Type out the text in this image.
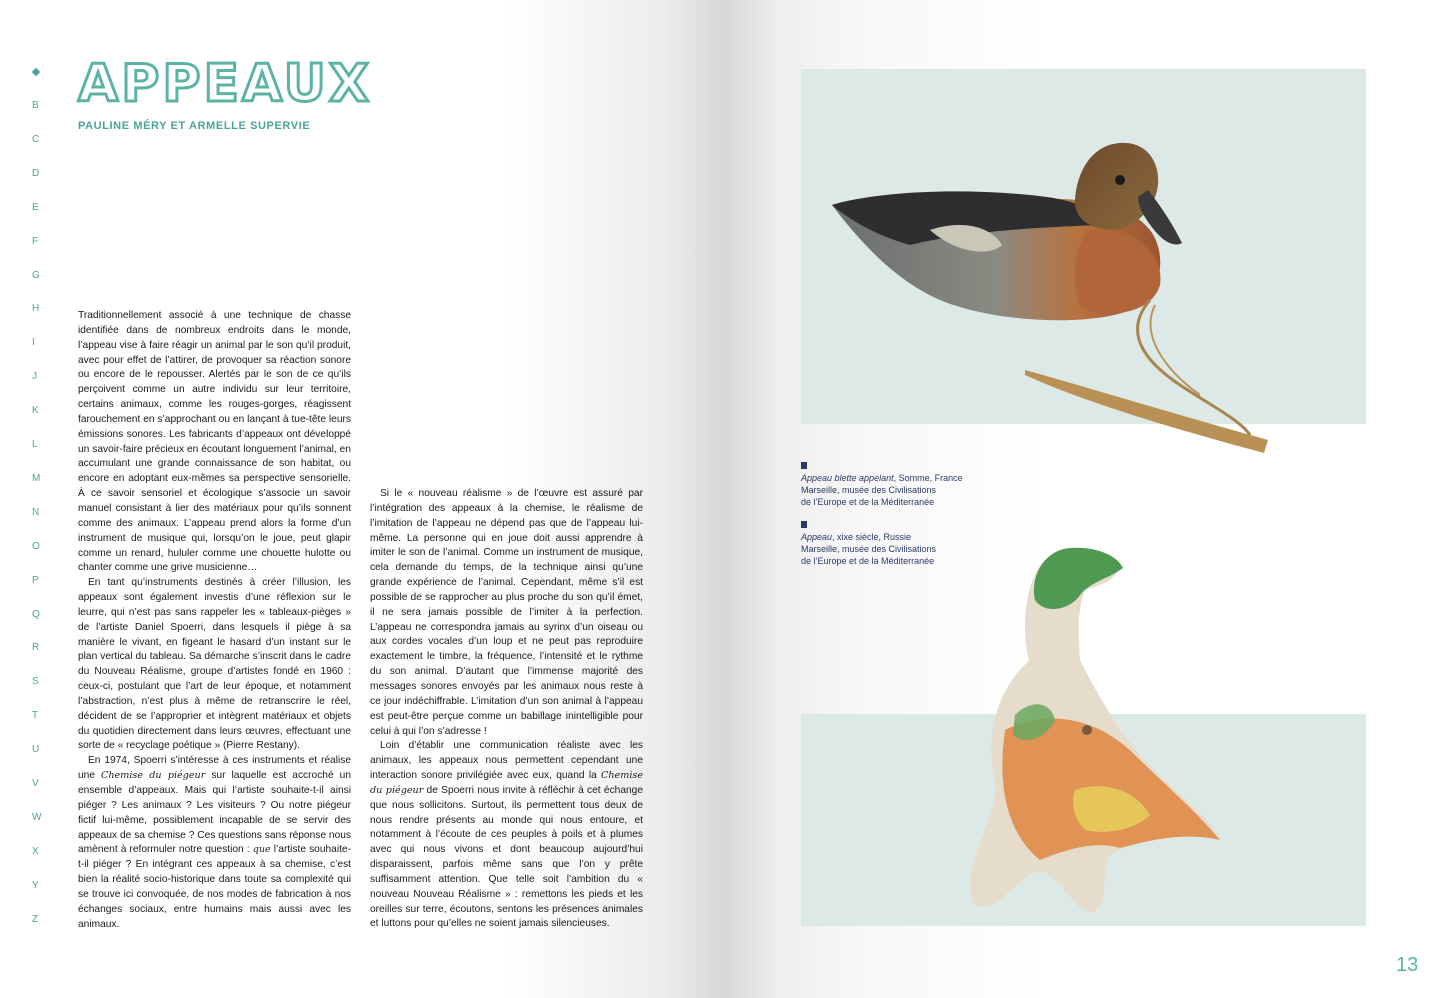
B
C
D
E
F
G
H
I
J
K
L
M
N
O
P
Q
R
S
T
U
V
W
X
Y
Z
APPEAUX
PAULINE MÉRY ET ARMELLE SUPERVIE

Traditionnellement associé à une technique de chasse identifiée dans de nombreux endroits dans le monde, l’appeau vise à faire réagir un animal par le son qu’il produit, avec pour effet de l’attirer, de provoquer sa réaction sonore ou encore de le repousser. Alertés par le son de ce qu’ils perçoivent comme un autre individu sur leur territoire, certains animaux, comme les rouges-gorges, réagissent farouchement en s’approchant ou en lançant à tue-tête leurs émissions sonores. Les fabricants d’appeaux ont développé un savoir-faire précieux en écoutant longuement l’animal, en accumulant une grande connaissance de son habitat, ou encore en adoptant eux-mêmes sa perspective sensorielle. À ce savoir sensoriel et écologique s’associe un savoir manuel consistant à lier des matériaux pour qu’ils sonnent comme des animaux. L’appeau prend alors la forme d’un instrument de musique qui, lorsqu’on le joue, peut glapir comme un renard, hululer comme une chouette hulotte ou chanter comme une grive musicienne…

En tant qu’instruments destinés à créer l’illusion, les appeaux sont également investis d’une réflexion sur le leurre, qui n’est pas sans rappeler les « tableaux-pièges » de l’artiste Daniel Spoerri, dans lesquels il piège à sa manière le vivant, en figeant le hasard d’un instant sur le plan vertical du tableau. Sa démarche s’inscrit dans le cadre du Nouveau Réalisme, groupe d’artistes fondé en 1960 : ceux-ci, postulant que l’art de leur époque, et notamment l’abstraction, n’est plus à même de retranscrire le réel, décident de se l’approprier et intègrent matériaux et objets du quotidien directement dans leurs œuvres, effectuant une sorte de « recyclage poétique » (Pierre Restany).

En 1974, Spoerri s’intéresse à ces instruments et réalise une Chemise du piégeur sur laquelle est accroché un ensemble d’appeaux. Mais qui l’artiste souhaite-t-il ainsi piéger ? Les animaux ? Les visiteurs ? Ou notre piégeur fictif lui-même, possiblement incapable de se servir des appeaux de sa chemise ? Ces questions sans réponse nous amènent à reformuler notre question : que l’artiste souhaite-t-il piéger ? En intégrant ces appeaux à sa chemise, c’est bien la réalité socio-historique dans toute sa complexité qui se trouve ici convoquée, de nos modes de fabrication à nos échanges sociaux, entre humains mais aussi avec les animaux.

Si le « nouveau réalisme » de l’œuvre est assuré par l’intégration des appeaux à la chemise, le réalisme de l’imitation de l’appeau ne dépend pas que de l’appeau lui-même. La personne qui en joue doit aussi apprendre à imiter le son de l’animal. Comme un instrument de musique, cela demande du temps, de la technique ainsi qu’une grande expérience de l’animal. Cependant, même s’il est possible de se rapprocher au plus proche du son qu’il émet, il ne sera jamais possible de l’imiter à la perfection. L’appeau ne correspondra jamais au syrinx d’un oiseau ou aux cordes vocales d’un loup et ne peut pas reproduire exactement le timbre, la fréquence, l’intensité et le rythme du son animal. D’autant que l’immense majorité des messages sonores envoyés par les animaux nous reste à ce jour indéchiffrable. L’imitation d’un son animal à l’appeau est peut-être perçue comme un babillage inintelligible pour celui à qui l’on s’adresse !

Loin d’établir une communication réaliste avec les animaux, les appeaux nous permettent cependant une interaction sonore privilégiée avec eux, quand la Chemise du piégeur de Spoerri nous invite à réfléchir à cet échange que nous sollicitons. Surtout, ils permettent tous deux de nous rendre présents au monde qui nous entoure, et notamment à l’écoute de ces peuples à poils et à plumes avec qui nous vivons et dont beaucoup aujourd’hui disparaissent, parfois même sans que l’on y prête suffisamment attention. Que telle soit l’ambition du « nouveau Nouveau Réalisme » : remettons les pieds et les oreilles sur terre, écoutons, sentons les présences animales et luttons pour qu’elles ne soient jamais silencieuses.

Appeau blette appelant, Somme, France
Marseille, musée des Civilisations
de l’Europe et de la Méditerranée
Appeau, xixe siècle, Russie
Marseille, musée des Civilisations
de l’Europe et de la Méditerranée
13
